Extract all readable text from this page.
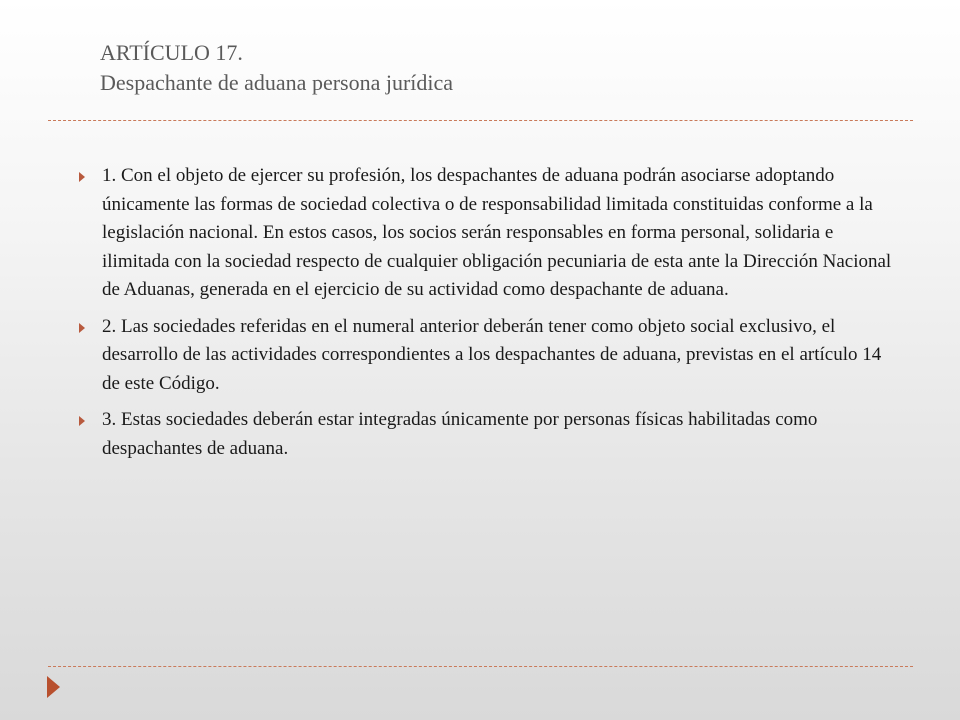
ARTÍCULO 17.
Despachante de aduana persona jurídica
1. Con el objeto de ejercer su profesión, los despachantes de aduana podrán asociarse adoptando únicamente las formas de sociedad colectiva o de responsabilidad limitada constituidas conforme a la legislación nacional. En estos casos, los socios serán responsables en forma personal, solidaria e ilimitada con la sociedad respecto de cualquier obligación pecuniaria de esta ante la Dirección Nacional de Aduanas, generada en el ejercicio de su actividad como despachante de aduana.
2. Las sociedades referidas en el numeral anterior deberán tener como objeto social exclusivo, el desarrollo de las actividades correspondientes a los despachantes de aduana, previstas en el artículo 14 de este Código.
3. Estas sociedades deberán estar integradas únicamente por personas físicas habilitadas como despachantes de aduana.
